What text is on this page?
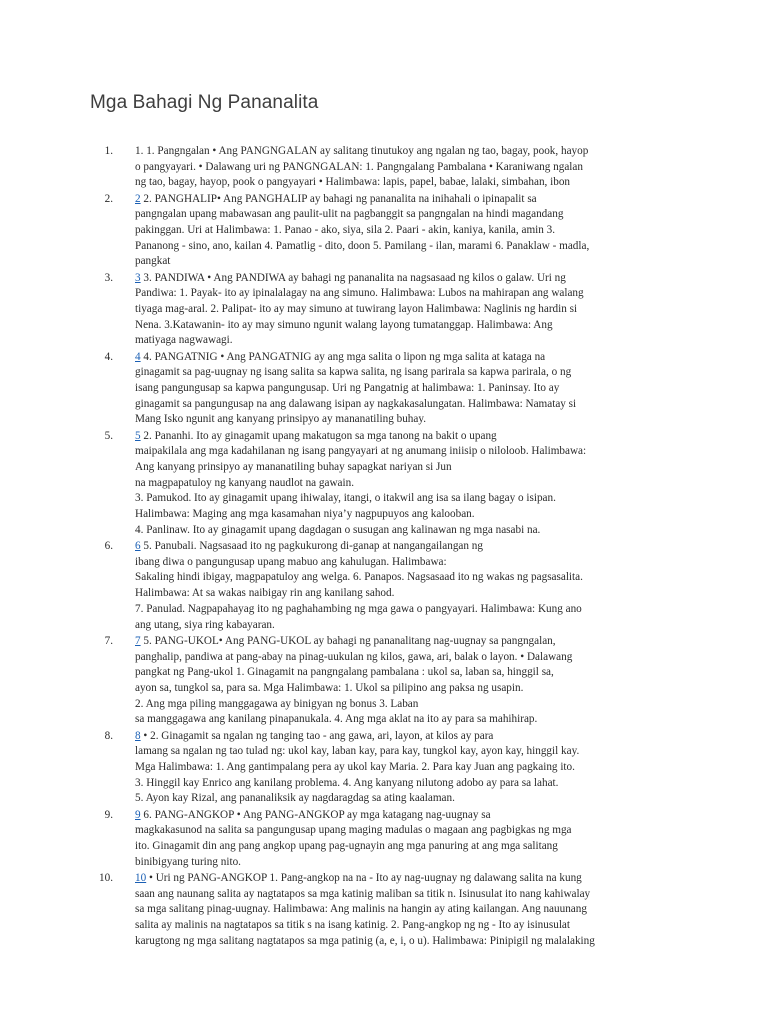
Mga Bahagi Ng Pananalita
1. 1. 1. Pangngalan • Ang PANGNGALAN ay salitang tinutukoy ang ngalan ng tao, bagay, pook, hayop
o pangyayari. • Dalawang uri ng PANGNGALAN: 1. Pangngalang Pambalana • Karaniwang ngalan
ng tao, bagay, hayop, pook o pangyayari • Halimbawa: lapis, papel, babae, lalaki, simbahan, ibon
2. 2 2. PANGHALIP• Ang PANGHALIP ay bahagi ng pananalita na inihahali o ipinapalit sa
pangngalan upang mabawasan ang paulit-ulit na pagbanggit sa pangngalan na hindi magandang
pakinggan. Uri at Halimbawa: 1. Panao - ako, siya, sila 2. Paari - akin, kaniya, kanila, amin 3.
Pananong - sino, ano, kailan 4. Pamatlig - dito, doon 5. Pamilang - ilan, marami 6. Panaklaw - madla,
pangkat
3. 3 3. PANDIWA • Ang PANDIWA ay bahagi ng pananalita na nagsasaad ng kilos o galaw. Uri ng
Pandiwa: 1. Payak- ito ay ipinalalagay na ang simuno. Halimbawa: Lubos na mahirapan ang walang
tiyaga mag-aral. 2. Palipat- ito ay may simuno at tuwirang layon Halimbawa: Naglinis ng hardin si
Nena. 3.Katawanin- ito ay may simuno ngunit walang layong tumatanggap. Halimbawa: Ang
matiyaga nagwawagi.
4. 4 4. PANGATNIG • Ang PANGATNIG ay ang mga salita o lipon ng mga salita at kataga na
ginagamit sa pag-uugnay ng isang salita sa kapwa salita, ng isang parirala sa kapwa parirala, o ng
isang pangungusap sa kapwa pangungusap. Uri ng Pangatnig at halimbawa: 1. Paninsay. Ito ay
ginagamit sa pangungusap na ang dalawang isipan ay nagkakasalungatan. Halimbawa: Namatay si
Mang Isko ngunit ang kanyang prinsipyo ay mananatiling buhay.
5. 5 2. Pananhi. Ito ay ginagamit upang makatugon sa mga tanong na bakit o upang
maipakilala ang mga kadahilanan ng isang pangyayari at ng anumang iniisip o niloloob. Halimbawa:
Ang kanyang prinsipyo ay mananatiling buhay sapagkat nariyan si Jun
na magpapatuloy ng kanyang naudlot na gawain.
3. Pamukod. Ito ay ginagamit upang ihiwalay, itangi, o itakwil ang isa sa ilang bagay o isipan.
Halimbawa: Maging ang mga kasamahan niya’y nagpupuyos ang kalooban.
4. Panlinaw. Ito ay ginagamit upang dagdagan o susugan ang kalinawan ng mga nasabi na.
6. 6 5. Panubali. Nagsasaad ito ng pagkukurong di-ganap at nangangailangan ng
ibang diwa o pangungusap upang mabuo ang kahulugan. Halimbawa:
Sakaling hindi ibigay, magpapatuloy ang welga. 6. Panapos. Nagsasaad ito ng wakas ng pagsasalita.
Halimbawa: At sa wakas naibigay rin ang kanilang sahod.
7. Panulad. Nagpapahayag ito ng paghahambing ng mga gawa o pangyayari. Halimbawa: Kung ano
ang utang, siya ring kabayaran.
7. 7 5. PANG-UKOL• Ang PANG-UKOL ay bahagi ng pananalitang nag-uugnay sa pangngalan,
panghalip, pandiwa at pang-abay na pinag-uukulan ng kilos, gawa, ari, balak o layon. • Dalawang
pangkat ng Pang-ukol 1. Ginagamit na pangngalang pambalana : ukol sa, laban sa, hinggil sa,
ayon sa, tungkol sa, para sa. Mga Halimbawa: 1. Ukol sa pilipino ang paksa ng usapin.
2. Ang mga piling manggagawa ay binigyan ng bonus 3. Laban
sa manggagawa ang kanilang pinapanukala. 4. Ang mga aklat na ito ay para sa mahihirap.
8. 8 • 2. Ginagamit sa ngalan ng tanging tao - ang gawa, ari, layon, at kilos ay para
lamang sa ngalan ng tao tulad ng: ukol kay, laban kay, para kay, tungkol kay, ayon kay, hinggil kay.
Mga Halimbawa: 1. Ang gantimpalang pera ay ukol kay Maria. 2. Para kay Juan ang pagkaing ito.
3. Hinggil kay Enrico ang kanilang problema. 4. Ang kanyang nilutong adobo ay para sa lahat.
5. Ayon kay Rizal, ang pananaliksik ay nagdaragdag sa ating kaalaman.
9. 9 6. PANG-ANGKOP • Ang PANG-ANGKOP ay mga katagang nag-uugnay sa
magkakasunod na salita sa pangungusap upang maging madulas o magaan ang pagbigkas ng mga
ito. Ginagamit din ang pang angkop upang pag-ugnayin ang mga panuring at ang mga salitang
binibigyang turing nito.
10. 10 • Uri ng PANG-ANGKOP 1. Pang-angkop na na - Ito ay nag-uugnay ng dalawang salita na kung
saan ang naunang salita ay nagtatapos sa mga katinig maliban sa titik n. Isinusulat ito nang kahiwalay
sa mga salitang pinag-uugnay. Halimbawa: Ang malinis na hangin ay ating kailangan. Ang nauunang
salita ay malinis na nagtatapos sa titik s na isang katinig. 2. Pang-angkop ng ng - Ito ay isinusulat
karugtong ng mga salitang nagtatapos sa mga patinig (a, e, i, o u). Halimbawa: Pinipigil ng malalaking
